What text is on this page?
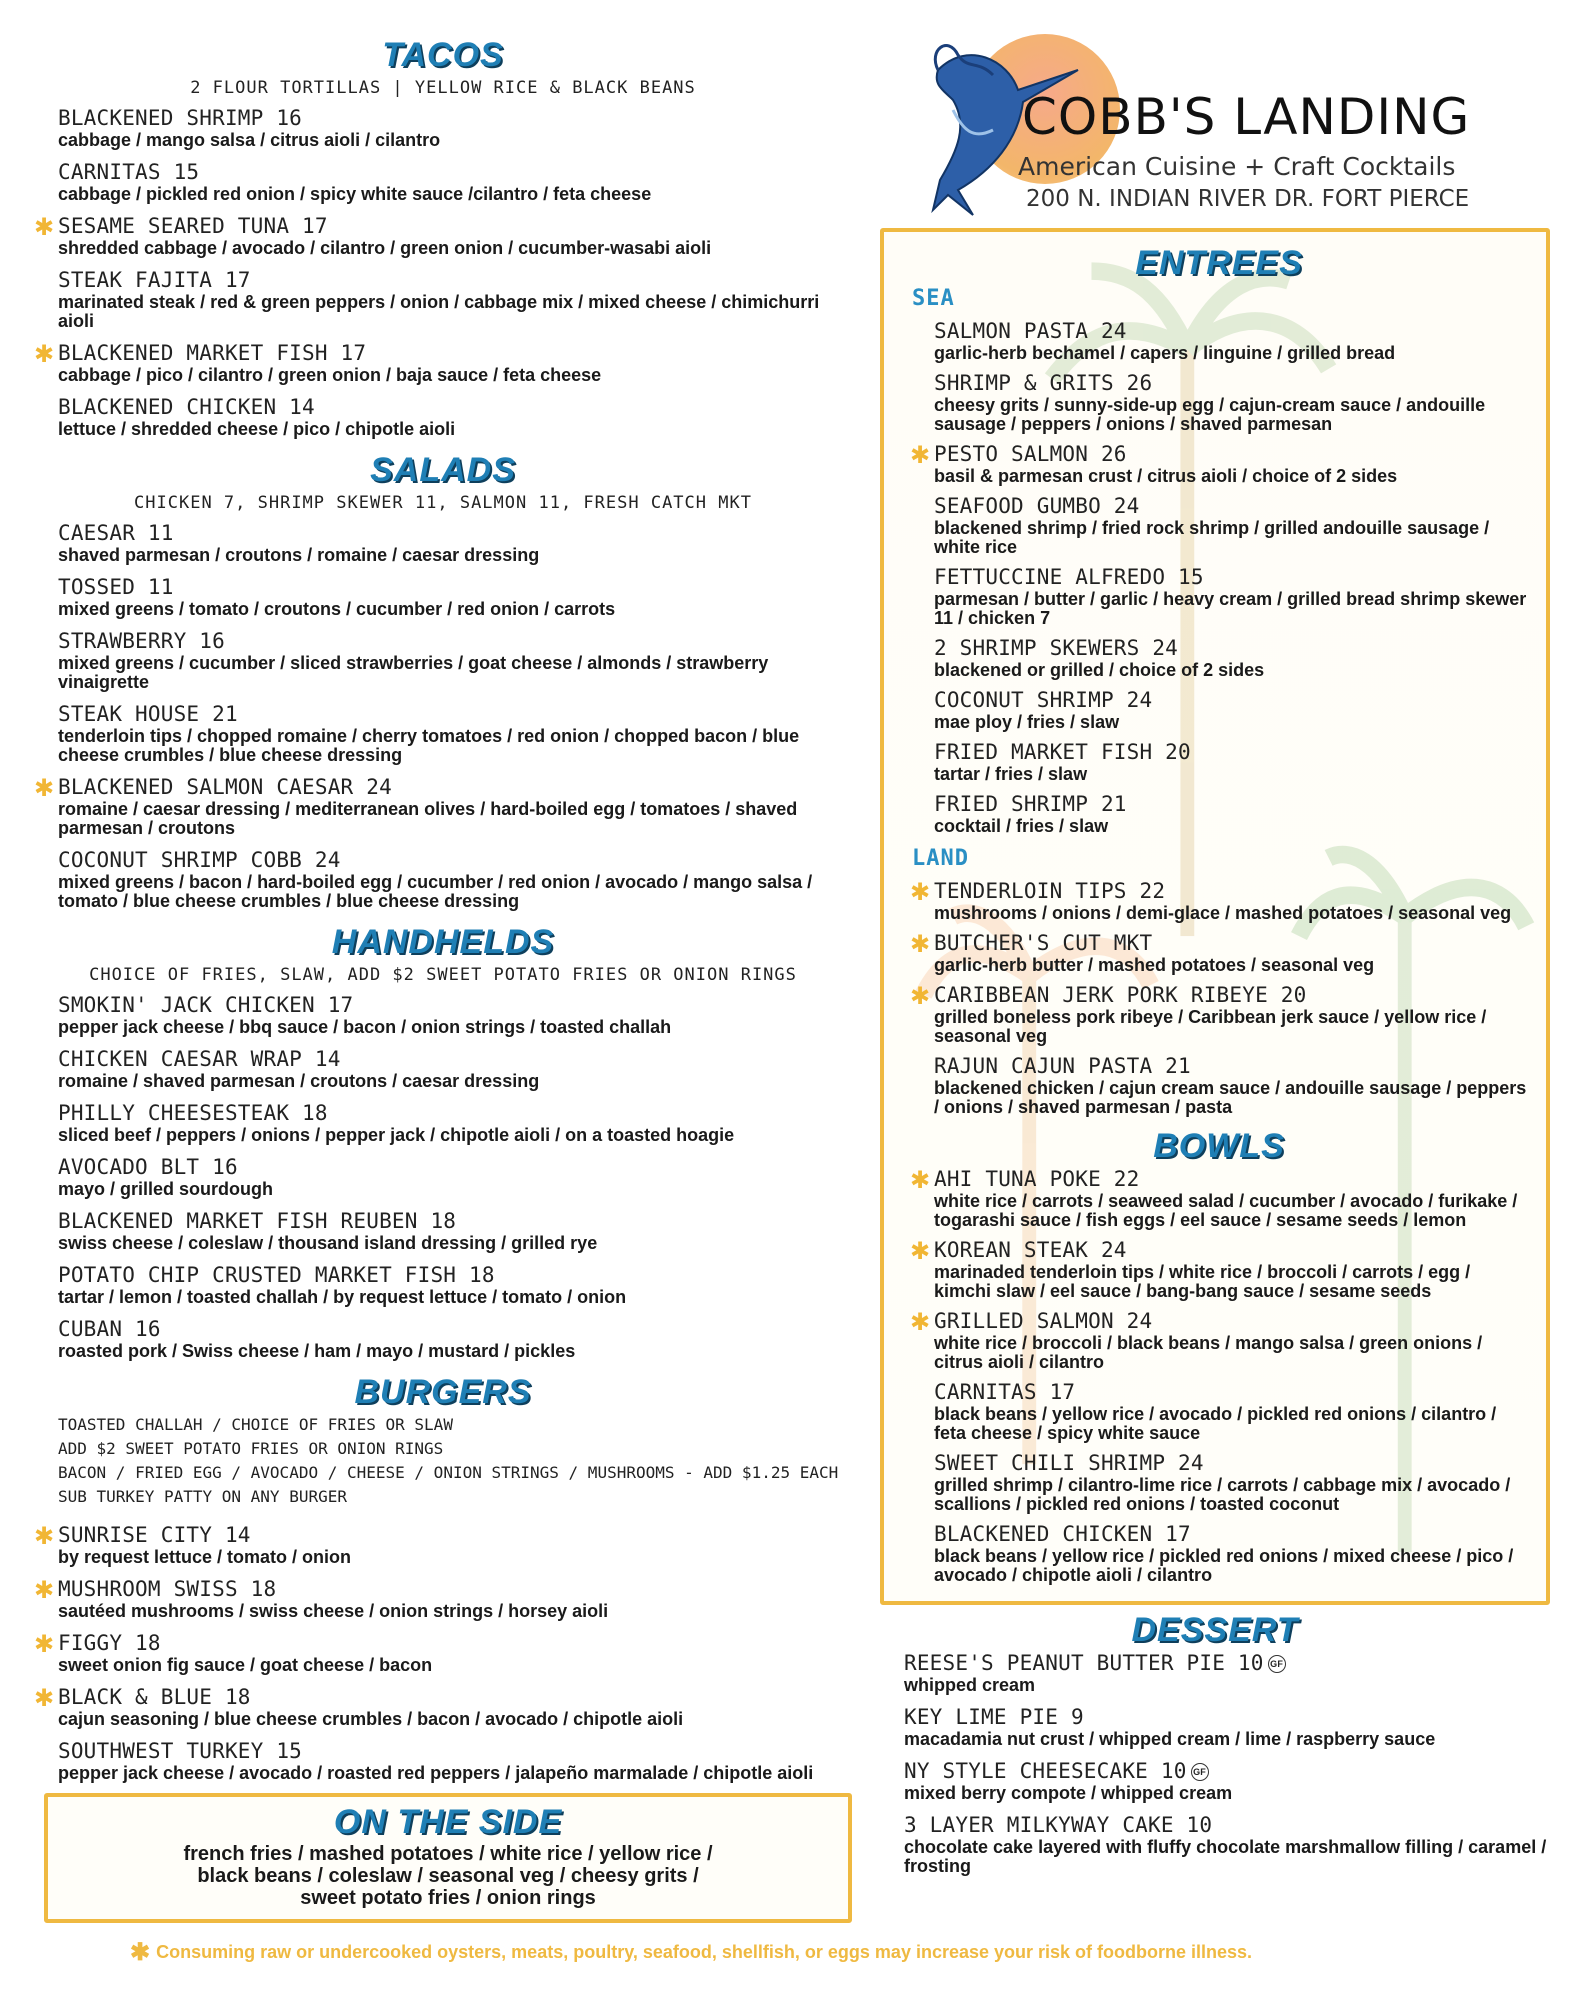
TACOS
2 FLOUR TORTILLAS | YELLOW RICE & BLACK BEANS
BLACKENED SHRIMP 16
cabbage / mango salsa / citrus aioli / cilantro
CARNITAS 15
cabbage / pickled red onion / spicy white sauce /cilantro / feta cheese
✱ SESAME SEARED TUNA 17
shredded cabbage / avocado / cilantro / green onion / cucumber-wasabi aioli
STEAK FAJITA 17
marinated steak / red & green peppers / onion / cabbage mix / mixed cheese / chimichurri aioli
✱ BLACKENED MARKET FISH 17
cabbage / pico / cilantro / green onion / baja sauce / feta cheese
BLACKENED CHICKEN 14
lettuce / shredded cheese / pico / chipotle aioli
SALADS
CHICKEN 7, SHRIMP SKEWER 11, SALMON 11, FRESH CATCH MKT
CAESAR 11
shaved parmesan / croutons / romaine / caesar dressing
TOSSED 11
mixed greens / tomato / croutons / cucumber / red onion / carrots
STRAWBERRY 16
mixed greens / cucumber / sliced strawberries / goat cheese / almonds / strawberry vinaigrette
STEAK HOUSE 21
tenderloin tips / chopped romaine / cherry tomatoes / red onion / chopped bacon / blue cheese crumbles / blue cheese dressing
✱ BLACKENED SALMON CAESAR 24
romaine / caesar dressing / mediterranean olives / hard-boiled egg / tomatoes / shaved parmesan / croutons
COCONUT SHRIMP COBB 24
mixed greens / bacon / hard-boiled egg / cucumber / red onion / avocado / mango salsa / tomato / blue cheese crumbles / blue cheese dressing
HANDHELDS
CHOICE OF FRIES, SLAW, ADD $2 SWEET POTATO FRIES OR ONION RINGS
SMOKIN' JACK CHICKEN 17
pepper jack cheese / bbq sauce / bacon / onion strings / toasted challah
CHICKEN CAESAR WRAP 14
romaine / shaved parmesan / croutons / caesar dressing
PHILLY CHEESESTEAK 18
sliced beef / peppers / onions / pepper jack / chipotle aioli / on a toasted hoagie
AVOCADO BLT 16
mayo / grilled sourdough
BLACKENED MARKET FISH REUBEN 18
swiss cheese / coleslaw / thousand island dressing / grilled rye
POTATO CHIP CRUSTED MARKET FISH 18
tartar / lemon / toasted challah / by request lettuce / tomato / onion
CUBAN 16
roasted pork / Swiss cheese / ham / mayo / mustard / pickles
BURGERS
TOASTED CHALLAH / CHOICE OF FRIES OR SLAW
ADD $2 SWEET POTATO FRIES OR ONION RINGS
BACON / FRIED EGG / AVOCADO / CHEESE / ONION STRINGS / MUSHROOMS - ADD $1.25 EACH
SUB TURKEY PATTY ON ANY BURGER
✱ SUNRISE CITY 14
by request lettuce / tomato / onion
✱ MUSHROOM SWISS 18
sautéed mushrooms / swiss cheese / onion strings / horsey aioli
✱ FIGGY 18
sweet onion fig sauce / goat cheese / bacon
✱ BLACK & BLUE 18
cajun seasoning / blue cheese crumbles / bacon / avocado / chipotle aioli
SOUTHWEST TURKEY 15
pepper jack cheese / avocado / roasted red peppers / jalapeño marmalade / chipotle aioli
ON THE SIDE
french fries / mashed potatoes / white rice / yellow rice /
black beans / coleslaw / seasonal veg / cheesy grits /
sweet potato fries / onion rings
COBB'S LANDING
American Cuisine + Craft Cocktails
200 N. INDIAN RIVER DR. FORT PIERCE
ENTREES
SEA
SALMON PASTA 24
garlic-herb bechamel / capers / linguine / grilled bread
SHRIMP & GRITS 26
cheesy grits / sunny-side-up egg / cajun-cream sauce / andouille sausage / peppers / onions / shaved parmesan
✱ PESTO SALMON 26
basil & parmesan crust / citrus aioli / choice of 2 sides
SEAFOOD GUMBO 24
blackened shrimp / fried rock shrimp / grilled andouille sausage / white rice
FETTUCCINE ALFREDO 15
parmesan / butter / garlic / heavy cream / grilled bread shrimp skewer 11 / chicken 7
2 SHRIMP SKEWERS 24
blackened or grilled / choice of 2 sides
COCONUT SHRIMP 24
mae ploy / fries / slaw
FRIED MARKET FISH 20
tartar / fries / slaw
FRIED SHRIMP 21
cocktail / fries / slaw
LAND
✱ TENDERLOIN TIPS 22
mushrooms / onions / demi-glace / mashed potatoes / seasonal veg
✱ BUTCHER'S CUT MKT
garlic-herb butter / mashed potatoes / seasonal veg
✱ CARIBBEAN JERK PORK RIBEYE 20
grilled boneless pork ribeye / Caribbean jerk sauce / yellow rice / seasonal veg
RAJUN CAJUN PASTA 21
blackened chicken / cajun cream sauce / andouille sausage / peppers / onions / shaved parmesan / pasta
BOWLS
✱ AHI TUNA POKE 22
white rice / carrots / seaweed salad / cucumber / avocado / furikake / togarashi sauce / fish eggs / eel sauce / sesame seeds / lemon
✱ KOREAN STEAK 24
marinaded tenderloin tips / white rice / broccoli / carrots / egg / kimchi slaw / eel sauce / bang-bang sauce / sesame seeds
✱ GRILLED SALMON 24
white rice / broccoli / black beans / mango salsa / green onions / citrus aioli / cilantro
CARNITAS 17
black beans / yellow rice / avocado / pickled red onions / cilantro / feta cheese / spicy white sauce
SWEET CHILI SHRIMP 24
grilled shrimp / cilantro-lime rice / carrots / cabbage mix / avocado / scallions / pickled red onions / toasted coconut
BLACKENED CHICKEN 17
black beans / yellow rice / pickled red onions / mixed cheese / pico / avocado / chipotle aioli / cilantro
DESSERT
REESE'S PEANUT BUTTER PIE 10 GF
whipped cream
KEY LIME PIE 9
macadamia nut crust / whipped cream / lime / raspberry sauce
NY STYLE CHEESECAKE 10 GF
mixed berry compote / whipped cream
3 LAYER MILKYWAY CAKE 10
chocolate cake layered with fluffy chocolate marshmallow filling / caramel / frosting
✱ Consuming raw or undercooked oysters, meats, poultry, seafood, shellfish, or eggs may increase your risk of foodborne illness.
